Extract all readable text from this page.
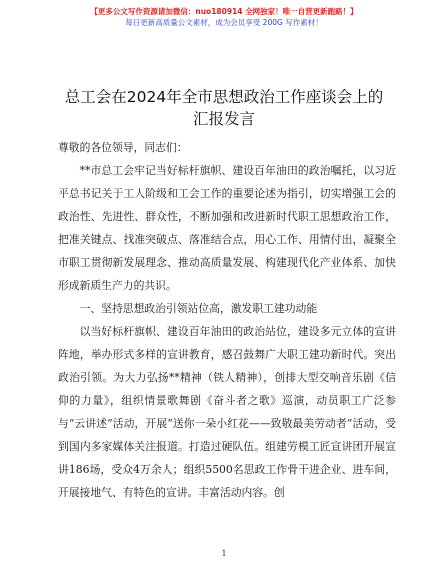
【更多公文写作资源请加微信：nuo180914 全网独家！唯一自营更新跑路！】
每日更新高质量公文素材，成为会员享受 200G 写作素材！
总工会在2024年全市思想政治工作座谈会上的
汇报发言

尊敬的各位领导，同志们：

**市总工会牢记当好标杆旗帜、建设百年油田的政治嘱托，以习近平总书记关于工人阶级和工会工作的重要论述为指引，切实增强工会的政治性、先进性、群众性，不断加强和改进新时代职工思想政治工作，把准关键点、找准突破点、落准结合点，用心工作、用情付出，凝聚全市职工贯彻新发展理念、推动高质量发展、构建现代化产业体系、加快形成新质生产力的共识。

一、坚持思想政治引领站位高，激发职工建功动能

以当好标杆旗帜、建设百年油田的政治站位，建设多元立体的宣讲阵地，举办形式多样的宣讲教育，感召鼓舞广大职工建功新时代。突出政治引领。为大力弘扬**精神（铁人精神），创排大型交响音乐剧《信仰的力量》，组织情景歌舞剧《奋斗者之歌》巡演，动员职工广泛参与“云讲述”活动，开展“送你一朵小红花——致敬最美劳动者”活动，受到国内多家媒体关注报道。打造过硬队伍。组建劳模工匠宣讲团开展宣讲186场，受众4万余人；组织5500名思政工作骨干进企业、进车间，开展接地气、有特色的宣讲。丰富活动内容。创

1
